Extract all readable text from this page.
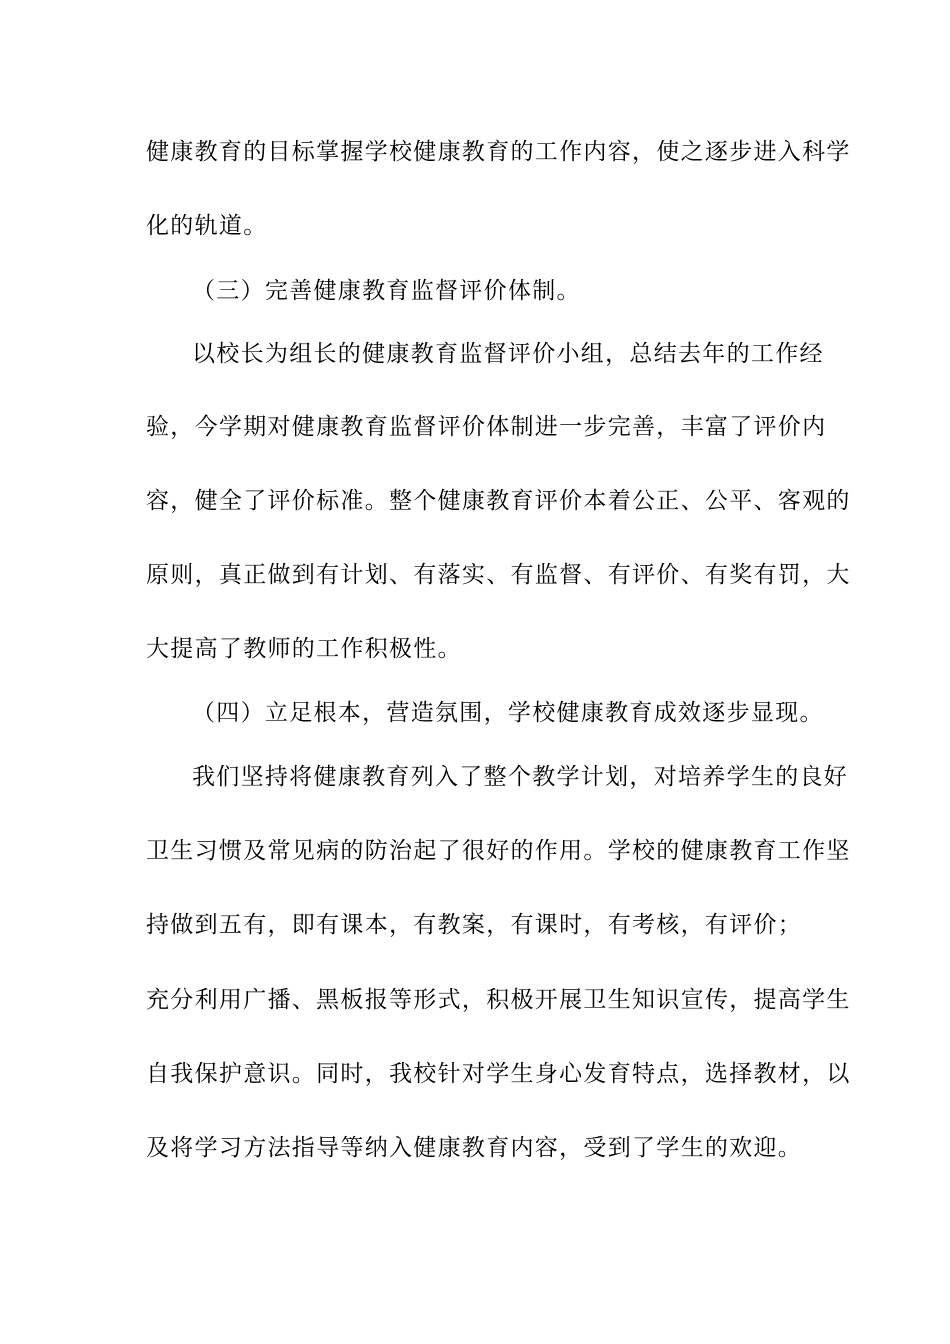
健康教育的目标掌握学校健康教育的工作内容，使之逐步进入科学
化的轨道。
（三）完善健康教育监督评价体制。
以校长为组长的健康教育监督评价小组，总结去年的工作经
验，今学期对健康教育监督评价体制进一步完善，丰富了评价内
容，健全了评价标准。整个健康教育评价本着公正、公平、客观的
原则，真正做到有计划、有落实、有监督、有评价、有奖有罚，大
大提高了教师的工作积极性。
（四）立足根本，营造氛围，学校健康教育成效逐步显现。
我们坚持将健康教育列入了整个教学计划，对培养学生的良好
卫生习惯及常见病的防治起了很好的作用。学校的健康教育工作坚
持做到五有，即有课本，有教案，有课时，有考核，有评价；
充分利用广播、黑板报等形式，积极开展卫生知识宣传，提高学生
自我保护意识。同时，我校针对学生身心发育特点，选择教材，以
及将学习方法指导等纳入健康教育内容，受到了学生的欢迎。
